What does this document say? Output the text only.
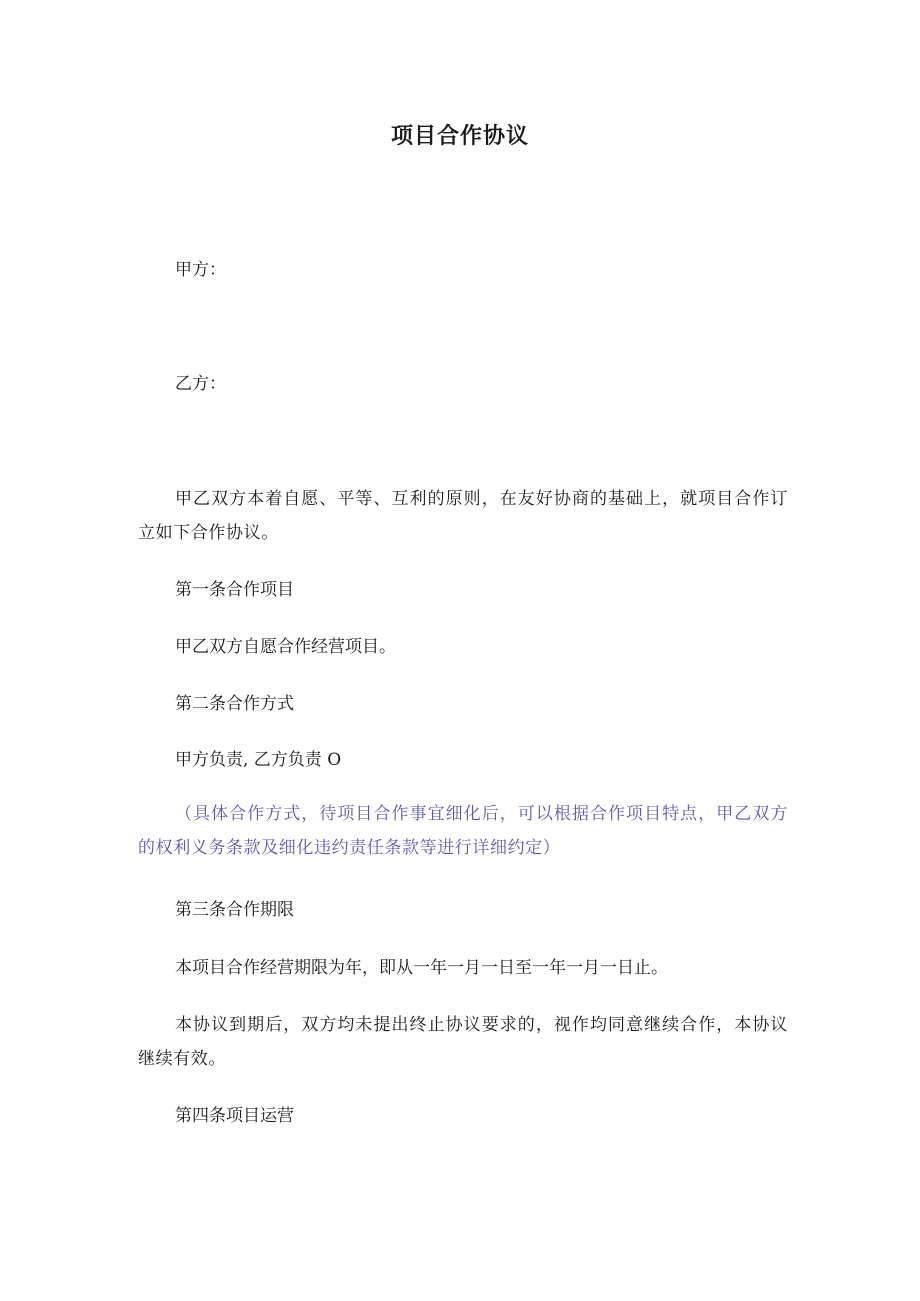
项目合作协议
甲方：
乙方：
甲乙双方本着自愿、平等、互利的原则，在友好协商的基础上，就项目合作订立如下合作协议。
第一条合作项目
甲乙双方自愿合作经营项目。
第二条合作方式
甲方负责, 乙方负责 O
（具体合作方式，待项目合作事宜细化后，可以根据合作项目特点，甲乙双方的权利义务条款及细化违约责任条款等进行详细约定）
第三条合作期限
本项目合作经营期限为年，即从一年一月一日至一年一月一日止。
本协议到期后，双方均未提出终止协议要求的，视作均同意继续合作，本协议继续有效。
第四条项目运营
